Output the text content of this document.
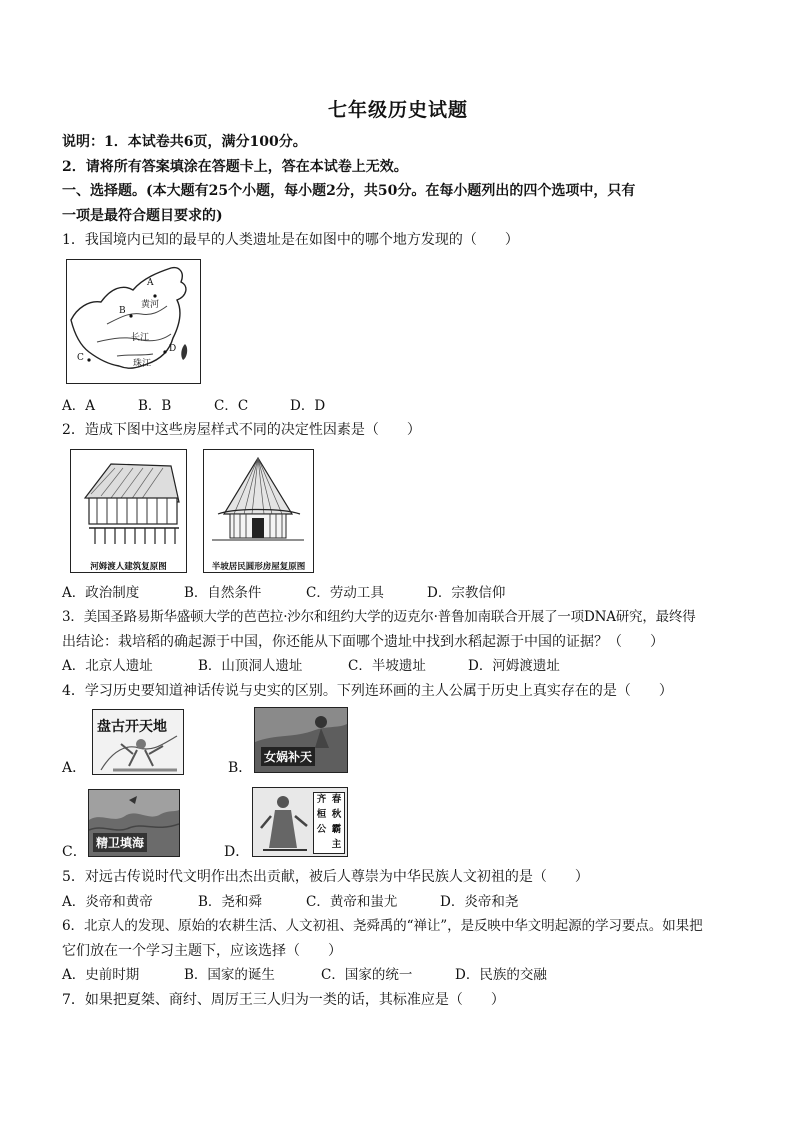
七年级历史试题
说明：1．本试卷共6页，满分100分。
2．请将所有答案填涂在答题卡上，答在本试卷上无效。
一、选择题。(本大题有25个小题，每小题2分，共50分。在每小题列出的四个选项中，只有
一项是最符合题目要求的)
1．我国境内已知的最早的人类遗址是在如图中的哪个地方发现的（　　）
A
黄河
B
长江
D
C
珠江
A．A	B．B	C．C	D．D
2．造成下图中这些房屋样式不同的决定性因素是（　　）
河姆渡人建筑复原图	半坡居民圆形房屋复原图
A．政治制度	B．自然条件	C．劳动工具	D．宗教信仰
3．美国圣路易斯华盛顿大学的芭芭拉·沙尔和纽约大学的迈克尔·普鲁加南联合开展了一项DNA研究，最终得
出结论：栽培稻的确起源于中国，你还能从下面哪个遗址中找到水稻起源于中国的证据？（　　）
A．北京人遗址	B．山顶洞人遗址	C．半坡遗址	D．河姆渡遗址
4．学习历史要知道神话传说与史实的区别。下列连环画的主人公属于历史上真实存在的是（　　）
A．
盘古开天地
B．
女娲补天
C．
精卫填海
D．
春
齐
秋
桓
霸
公
主
5．对远古传说时代文明作出杰出贡献，被后人尊崇为中华民族人文初祖的是（　　）
A．炎帝和黄帝	B．尧和舜	C．黄帝和蚩尤	D．炎帝和尧
6．北京人的发现、原始的农耕生活、人文初祖、尧舜禹的“禅让”，是反映中华文明起源的学习要点。如果把
它们放在一个学习主题下，应该选择（　　）
A．史前时期	B．国家的诞生	C．国家的统一	D．民族的交融
7．如果把夏桀、商纣、周厉王三人归为一类的话，其标准应是（　　）
